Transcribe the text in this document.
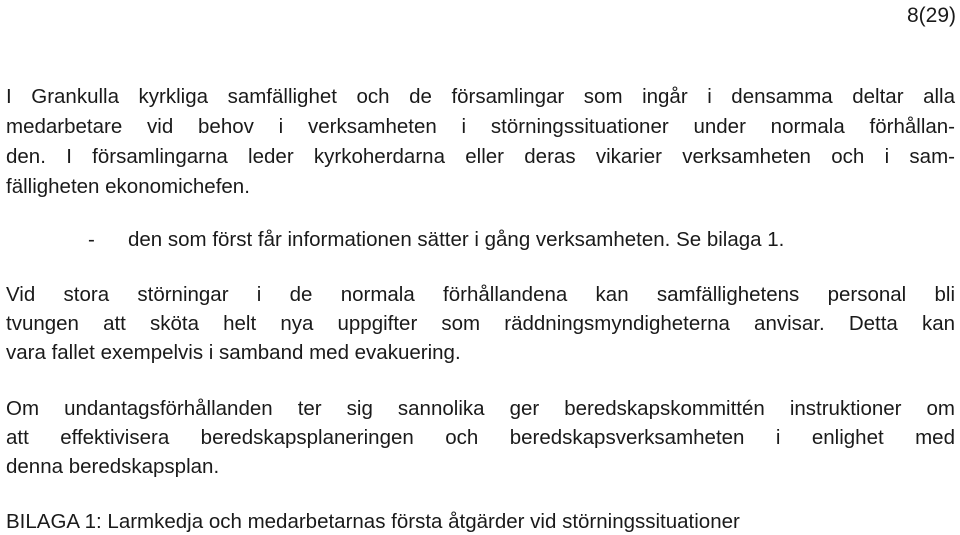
8(29)
I Grankulla kyrkliga samfällighet och de församlingar som ingår i densamma deltar alla
medarbetare vid behov i verksamheten i störningssituationer under normala förhållan-
den. I församlingarna leder kyrkoherdarna eller deras vikarier verksamheten och i sam-
fälligheten ekonomichefen.
- den som först får informationen sätter i gång verksamheten. Se bilaga 1.
Vid stora störningar i de normala förhållandena kan samfällighetens personal bli
tvungen att sköta helt nya uppgifter som räddningsmyndigheterna anvisar. Detta kan
vara fallet exempelvis i samband med evakuering.
Om undantagsförhållanden ter sig sannolika ger beredskapskommittén instruktioner om
att effektivisera beredskapsplaneringen och beredskapsverksamheten i enlighet med
denna beredskapsplan.
BILAGA 1: Larmkedja och medarbetarnas första åtgärder vid störningssituationer
